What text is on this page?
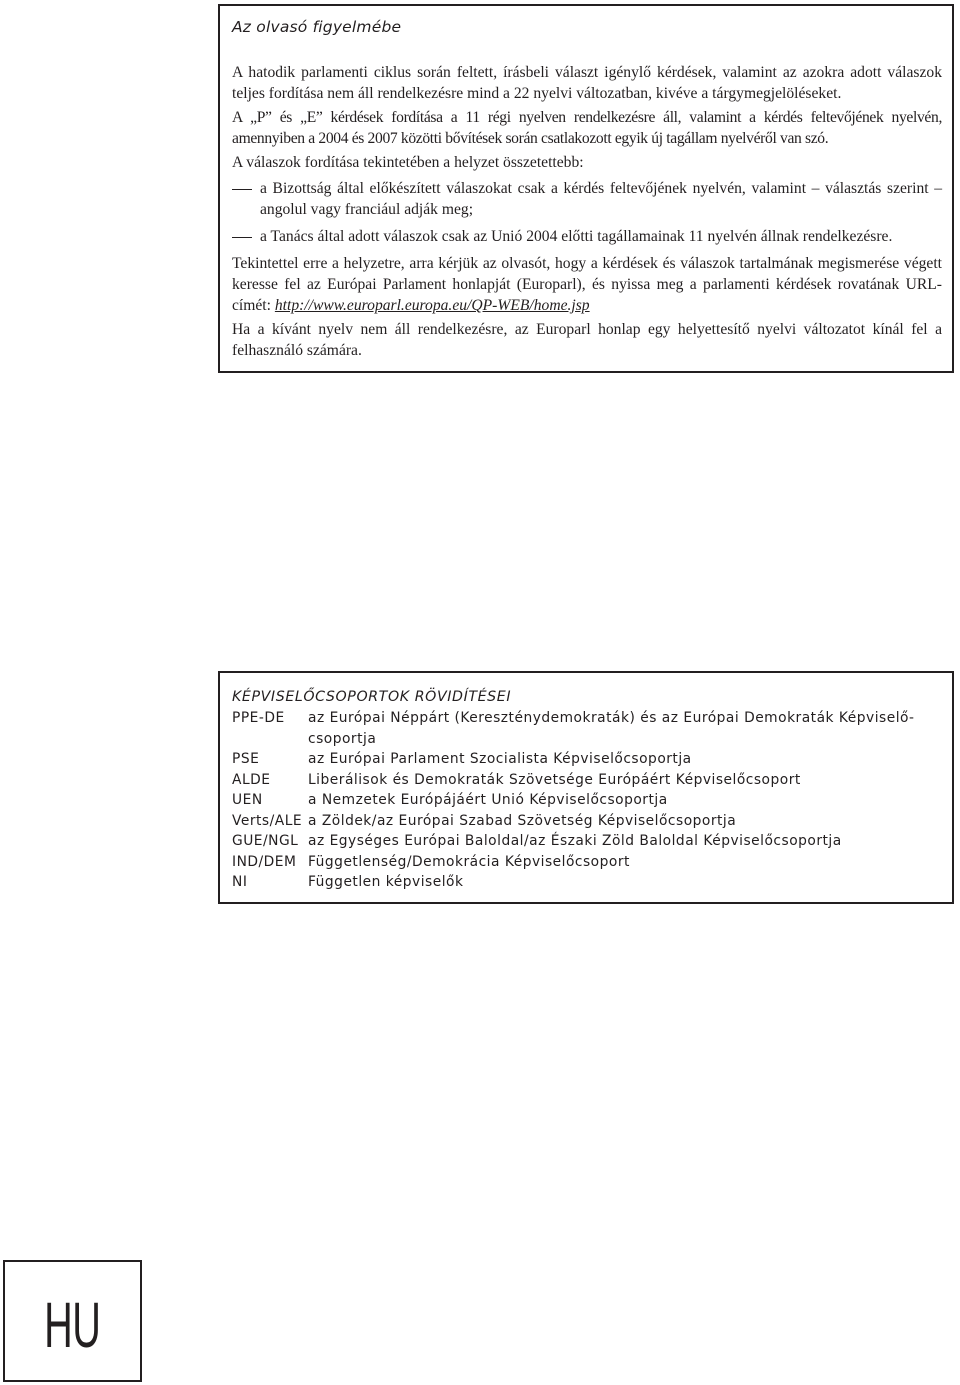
Az olvasó figyelmébe

A hatodik parlamenti ciklus során feltett, írásbeli választ igénylő kérdések, valamint az azokra adott válaszok teljes fordítása nem áll rendelkezésre mind a 22 nyelvi változatban, kivéve a tárgymegjelöléseket.

A „P” és „E” kérdések fordítása a 11 régi nyelven rendelkezésre áll, valamint a kérdés feltevőjének nyelvén, amennyiben a 2004 és 2007 közötti bővítések során csatlakozott egyik új tagállam nyelvéről van szó.

A válaszok fordítása tekintetében a helyzet összetettebb:

a Bizottság által előkészített válaszokat csak a kérdés feltevőjének nyelvén, valamint – választás szerint – angolul vagy franciául adják meg;
a Tanács által adott válaszok csak az Unió 2004 előtti tagállamainak 11 nyelvén állnak rendelkezésre.

Tekintettel erre a helyzetre, arra kérjük az olvasót, hogy a kérdések és válaszok tartalmának megismerése végett keresse fel az Európai Parlament honlapját (Europarl), és nyissa meg a parlamenti kérdések rovatának URL-címét: http://www.europarl.europa.eu/QP-WEB/home.jsp

Ha a kívánt nyelv nem áll rendelkezésre, az Europarl honlap egy helyettesítő nyelvi változatot kínál fel a felhasználó számára.

KÉPVISELŐCSOPORTOK RÖVIDÍTÉSEI
PPE-DE	az Európai Néppárt (Kereszténydemokraták) és az Európai Demokraták Képviselő-csoportja
PSE	az Európai Parlament Szocialista Képviselőcsoportja
ALDE	Liberálisok és Demokraták Szövetsége Európáért Képviselőcsoport
UEN	a Nemzetek Európájáért Unió Képviselőcsoportja
Verts/ALE a Zöldek/az Európai Szabad Szövetség Képviselőcsoportja
GUE/NGL az Egységes Európai Baloldal/az Északi Zöld Baloldal Képviselőcsoportja
IND/DEM Függetlenség/Demokrácia Képviselőcsoport
NI	Független képviselők
HU
